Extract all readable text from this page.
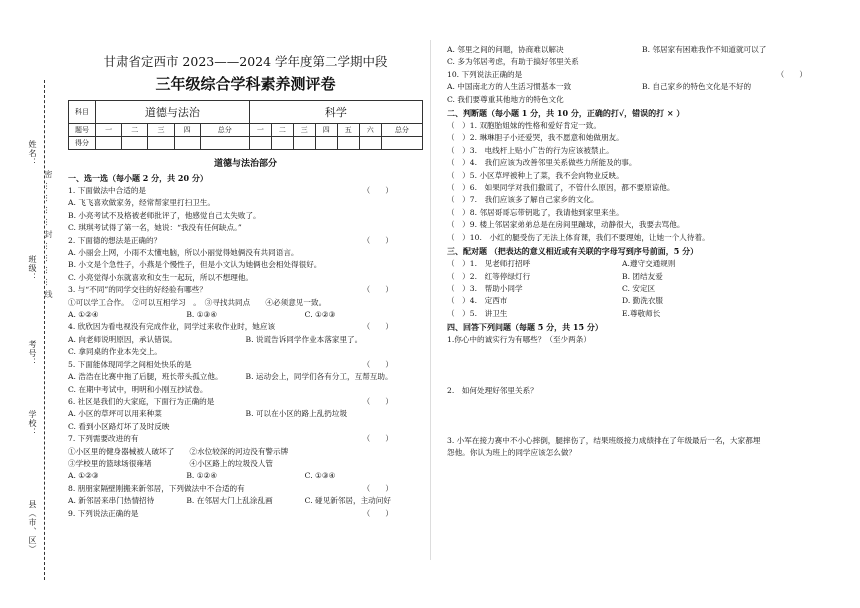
姓名：
班级：
考号：
学校：
县（市、区）
密…………封…………线
甘肃省定西市 2023——2024 学年度第二学期中段
三年级综合学科素养测评卷
科目	道德与法治					科学						
题号	一	二	三	四	总分	一	二	三	四	五	六	总分
得分												
道德与法治部分
一、选一选（每小题 2 分，共 20 分）
1. 下面做法中合适的是	（　　）
A. 飞飞喜欢做家务，经常帮家里打扫卫生。
B. 小亮考试不及格被老师批评了，他感觉自己太失败了。
C. 琪琪考试得了第一名，她说：“我没有任何缺点。”
2. 下面德的想法是正确的？	（　　）
A. 小丽会上网，小雨不太懂电脑，所以小丽觉得她俩没有共同语言。
B. 小文是个急性子，小燕是个慢性子，但是小文认为她俩也会相处得很好。
C. 小亮觉得小东就喜欢和女生一起玩，所以不想理他。
3. 与“不同”的同学交往的好经验有哪些？	（　　）
①可以学工合作。　②可以互相学习　。　③寻找共同点　　④必须意见一致。
A. ①②④	B. ①③④	C. ①②③
4. 欣欣因为看电视没有完成作业，同学过来收作业时，她应该	（　　）
A. 向老师说明原因，承认错误。	B. 说谎告诉同学作业本落家里了。
C. 拿同桌的作业本先交上。
5. 下面能体现同学之间相处快乐的是	（　　）
A. 浩浩在比赛中拖了后腿，班长带头孤立他。	B. 运动会上，同学们各有分工，互帮互助。
C. 在期中考试中，明明和小刚互抄试卷。
6. 社区是我们的大家庭，下面行为正确的是	（　　）
A. 小区的草坪可以用来种菜	B. 可以在小区的路上乱扔垃圾
C. 看到小区路灯坏了及时反映
7. 下列需要改进的有	（　　）
①小区里的健身器械被人破坏了　　②水位较深的河边没有警示牌
③学校里的篮球场很雍堵　　　　　④小区路上的垃圾没人管
A. ①②③	B. ①②④	C. ①③④
8. 朋朋家隔壁刚搬来新邻居，下列做法中不合适的有	（　　）
A. 新邻居来串门热情招待	B. 在邻居大门上乱涂乱画	C. 碰见新邻居，主动问好
9. 下列说法正确的是	（　　）
A. 邻里之间的问题，协商难以解决	B. 邻居家有困难我作不知道就可以了
C. 多为邻居考虑，有助于搞好邻里关系
10. 下列说法正确的是	（　　）
A. 中国南北方的人生活习惯基本一致	B. 自己家乡的特色文化是不好的
C. 我们要尊重其他地方的特色文化
二、判断题（每小题 1 分，共 10 分，正确的打√，错误的打 × ）
（　）1. 双胞胎姐妹的性格和爱好肯定一致。
（　）2. 琳琳胆子小还爱哭，我不愿意和她做朋友。
（　）3.　电线杆上贴小广告的行为应该被禁止。
（　）4.　我们应该为改善邻里关系做些力所能及的事。
（　）5. 小区草坪被种上了菜，我不会向物业反映。
（　）6.　如果同学对我们撒谎了，不管什么原因，都不要原谅他。
（　）7.　我们应该多了解自己家乡的文化。
（　）8. 邻居哥哥忘带钥匙了，我请他到家里来坐。
（　）9. 楼上邻居家弟弟总是在房间里蹦球，动静很大，我要去骂他。
（　）10.　小红的腿受伤了无法上体育课，我们不要理她，让她一个人待着。
三、配对题 （把表达的意义相近或有关联的字母写到序号前面，5 分）
（　）1.　见老师打招呼	A.遵守交通规则
（　）2.　红等停绿灯行	B. 团结友爱
（　）3.　帮助小同学	C. 安定区
（　）4.　定西市	D. 勤洗衣服
（　）5.　讲卫生	E.尊敬师长
四、回答下列问题（每题 5 分，共 15 分）
1.你心中的诚实行为有哪些？（至少两条）
2.　如何处理好邻里关系？
3. 小军在接力赛中不小心摔倒，腿摔伤了，结果班级接力成绩排在了年级最后一名，大家都埋
怨他。你认为班上的同学应该怎么做？
